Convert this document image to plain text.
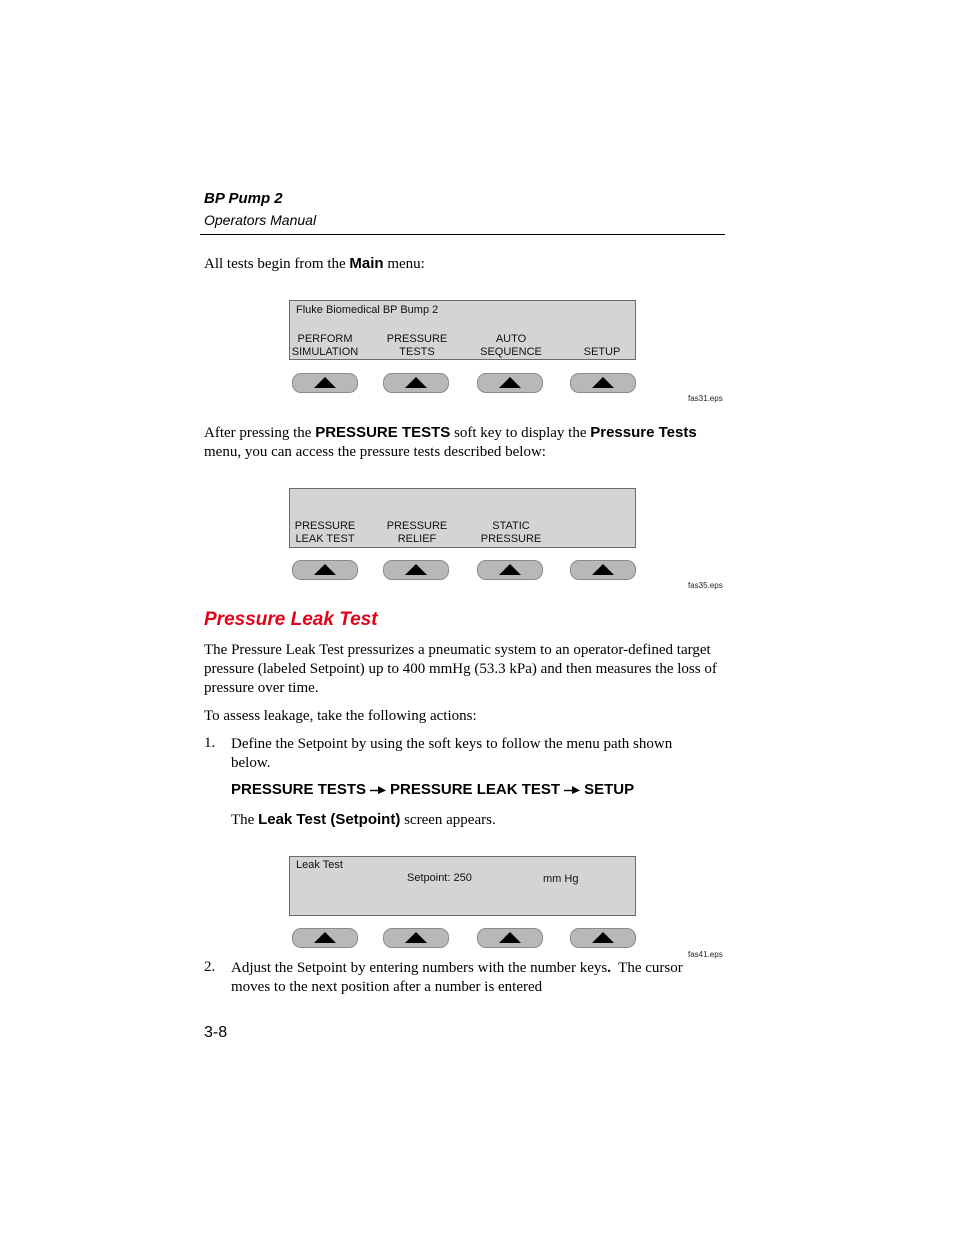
BP Pump 2
Operators Manual
All tests begin from the Main menu:
Fluke Biomedical BP Bump 2
PERFORM
SIMULATION
PRESSURE
TESTS
AUTO
SEQUENCE
	SETUP
fas31.eps
After pressing the PRESSURE TESTS soft key to display the Pressure Tests menu, you can access the pressure tests described below:
PRESSURE
LEAK TEST
PRESSURE
RELIEF
STATIC
PRESSURE
fas35.eps
Pressure Leak Test
The Pressure Leak Test pressurizes a pneumatic system to an operator-defined target pressure (labeled Setpoint) up to 400 mmHg (53.3 kPa) and then measures the loss of pressure over time.
To assess leakage, take the following actions:
1. Define the Setpoint by using the soft keys to follow the menu path shown below.
PRESSURE TESTS PRESSURE LEAK TEST SETUP
The Leak Test (Setpoint) screen appears.
Leak Test
Setpoint: 250	mm Hg
fas41.eps
2. Adjust the Setpoint by entering numbers with the number keys.  The cursor moves to the next position after a number is entered
3-8
